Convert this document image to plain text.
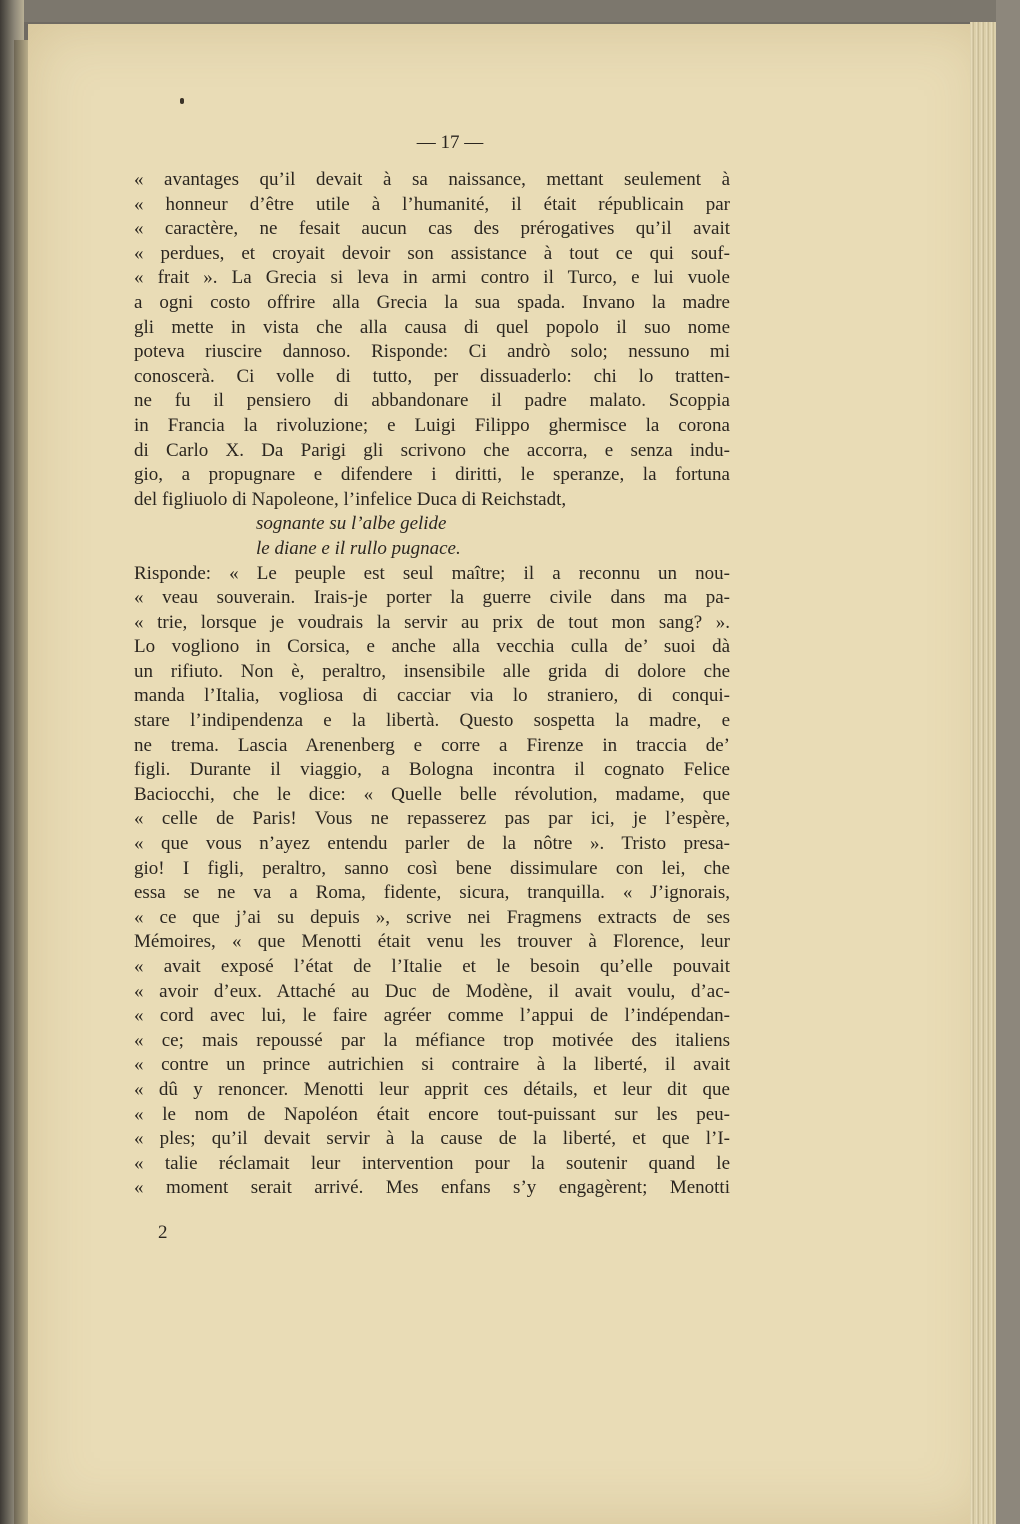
— 17 —
« avantages qu’il devait à sa naissance, mettant seulement à
« honneur d’être utile à l’humanité, il était républicain par
« caractère, ne fesait aucun cas des prérogatives qu’il avait
« perdues, et croyait devoir son assistance à tout ce qui souf-
« frait ». La Grecia si leva in armi contro il Turco, e lui vuole
a ogni costo offrire alla Grecia la sua spada. Invano la madre
gli mette in vista che alla causa di quel popolo il suo nome
poteva riuscire dannoso. Risponde: Ci andrò solo; nessuno mi
conoscerà. Ci volle di tutto, per dissuaderlo: chi lo tratten-
ne fu il pensiero di abbandonare il padre malato. Scoppia
in Francia la rivoluzione; e Luigi Filippo ghermisce la corona
di Carlo X. Da Parigi gli scrivono che accorra, e senza indu-
gio, a propugnare e difendere i diritti, le speranze, la fortuna
del figliuolo di Napoleone, l’infelice Duca di Reichstadt,
sognante su l’albe gelide
le diane e il rullo pugnace.
Risponde: « Le peuple est seul maître; il a reconnu un nou-
« veau souverain. Irais-je porter la guerre civile dans ma pa-
« trie, lorsque je voudrais la servir au prix de tout mon sang? ».
Lo vogliono in Corsica, e anche alla vecchia culla de’ suoi dà
un rifiuto. Non è, peraltro, insensibile alle grida di dolore che
manda l’Italia, vogliosa di cacciar via lo straniero, di conqui-
stare l’indipendenza e la libertà. Questo sospetta la madre, e
ne trema. Lascia Arenenberg e corre a Firenze in traccia de’
figli. Durante il viaggio, a Bologna incontra il cognato Felice
Baciocchi, che le dice: « Quelle belle révolution, madame, que
« celle de Paris! Vous ne repasserez pas par ici, je l’espère,
« que vous n’ayez entendu parler de la nôtre ». Tristo presa-
gio! I figli, peraltro, sanno così bene dissimulare con lei, che
essa se ne va a Roma, fidente, sicura, tranquilla. « J’ignorais,
« ce que j’ai su depuis », scrive nei Fragmens extracts de ses
Mémoires, « que Menotti était venu les trouver à Florence, leur
« avait exposé l’état de l’Italie et le besoin qu’elle pouvait
« avoir d’eux. Attaché au Duc de Modène, il avait voulu, d’ac-
« cord avec lui, le faire agréer comme l’appui de l’indépendan-
« ce; mais repoussé par la méfiance trop motivée des italiens
« contre un prince autrichien si contraire à la liberté, il avait
« dû y renoncer. Menotti leur apprit ces détails, et leur dit que
« le nom de Napoléon était encore tout-puissant sur les peu-
« ples; qu’il devait servir à la cause de la liberté, et que l’I-
« talie réclamait leur intervention pour la soutenir quand le
« moment serait arrivé. Mes enfans s’y engagèrent; Menotti
2
